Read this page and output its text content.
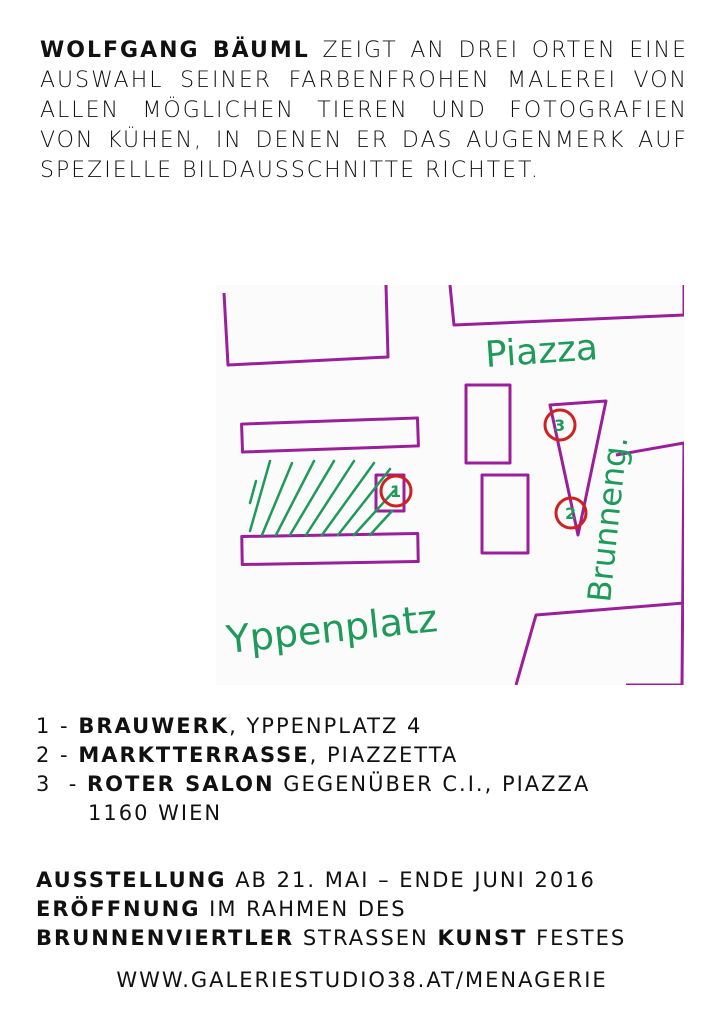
WOLFGANG BÄUML ZEIGT AN DREI ORTEN EINE AUSWAHL SEINER FARBENFROHEN MALEREI VON ALLEN MÖGLICHEN TIEREN UND FOTOGRAFIEN VON KÜHEN, IN DENEN ER DAS AUGENMERK AUF SPEZIELLE BILDAUSSCHNITTE RICHTET.
1
2
3
Piazza
Brunneng.
Yppenplatz
1 - BRAUWERK, YPPENPLATZ 4
2 - MARKTTERRASSE, PIAZZETTA
3  - ROTER SALON GEGENÜBER C.I., PIAZZA
1160 WIEN
AUSSTELLUNG AB 21. MAI – ENDE JUNI 2016
ERÖFFNUNG IM RAHMEN DES
BRUNNENVIERTLER STRASSEN KUNST FESTES
WWW.GALERIESTUDIO38.AT/MENAGERIE
